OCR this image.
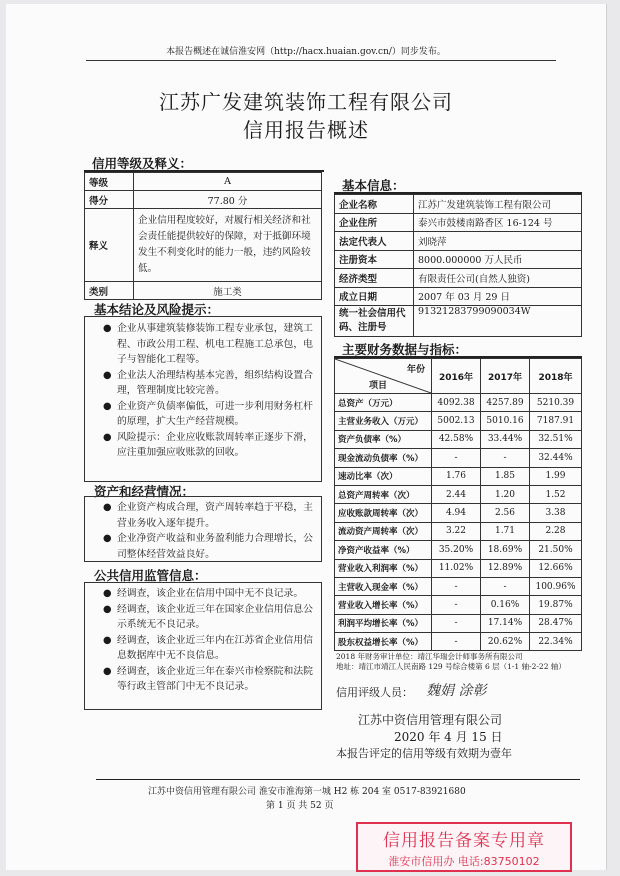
本报告概述在诚信淮安网（http://hacx.huaian.gov.cn/）同步发布。
江苏广发建筑装饰工程有限公司
信用报告概述
信用等级及释义：
等级	A
得分	77.80 分
释义	企业信用程度较好，对履行相关经济和社会责任能提供较好的保障，对于抵御环境发生不利变化时的能力一般，违约风险较低。
类别	施工类
基本信息：
企业名称	江苏广发建筑装饰工程有限公司
企业住所	泰兴市鼓楼南路香区 16-124 号
法定代表人	刘晓萍
注册资本	8000.000000 万人民币
经济类型	有限责任公司(自然人独资)
成立日期	2007 年 03 月 29 日
统一社会信用代码、注册号	91321283799090034W
基本结论及风险提示：
● 企业从事建筑装修装饰工程专业承包，建筑工程、市政公用工程、机电工程施工总承包，电子与智能化工程等。
● 企业法人治理结构基本完善，组织结构设置合理，管理制度比较完善。
● 企业资产负债率偏低，可进一步利用财务杠杆的原理，扩大生产经营规模。
● 风险提示：企业应收账款周转率正逐步下滑，应注重加强应收账款的回收。
资产和经营情况：
● 企业资产构成合理，资产周转率趋于平稳，主营业务收入逐年提升。
● 企业净资产收益和业务盈利能力合理增长，公司整体经营效益良好。
公共信用监管信息：
● 经调查，该企业在信用中国中无不良记录。
● 经调查，该企业近三年在国家企业信用信息公示系统无不良记录。
● 经调查，该企业近三年内在江苏省企业信用信息数据库中无不良信息。
● 经调查，该企业近三年在泰兴市检察院和法院等行政主管部门中无不良记录。
主要财务数据与指标：
年份
项目	2016年	2017年	2018年
总资产（万元）	4092.38	4257.89	5210.39
主营业务收入（万元）	5002.13	5010.16	7187.91
资产负债率（%）	42.58%	33.44%	32.51%
现金流动负债率（%）	-	-	32.44%
速动比率（次）	1.76	1.85	1.99
总资产周转率（次）	2.44	1.20	1.52
应收账款周转率（次）	4.94	2.56	3.38
流动资产周转率（次）	3.22	1.71	2.28
净资产收益率（%）	35.20%	18.69%	21.50%
营业收入利润率（%）	11.02%	12.89%	12.66%
主营收入现金率（%）	-	-	100.96%
营业收入增长率（%）	-	0.16%	19.87%
利润平均增长率（%）	-	17.14%	28.47%
股东权益增长率（%）	-	20.62%	22.34%
2018 年财务审计单位：靖江华瑞会计师事务所有限公司
地址：靖江市靖江人民南路 129 号综合楼第 6 层（1-1 轴-2-22 轴）
信用评级人员： 魏娟 涂彰
江苏中资信用管理有限公司
2020 年 4 月 15 日
本报告评定的信用等级有效期为壹年
江苏中资信用管理有限公司 淮安市淮海第一城 H2 栋 204 室 0517-83921680
第 1 页 共 52 页
信用报告备案专用章
淮安市信用办 电话:83750102
